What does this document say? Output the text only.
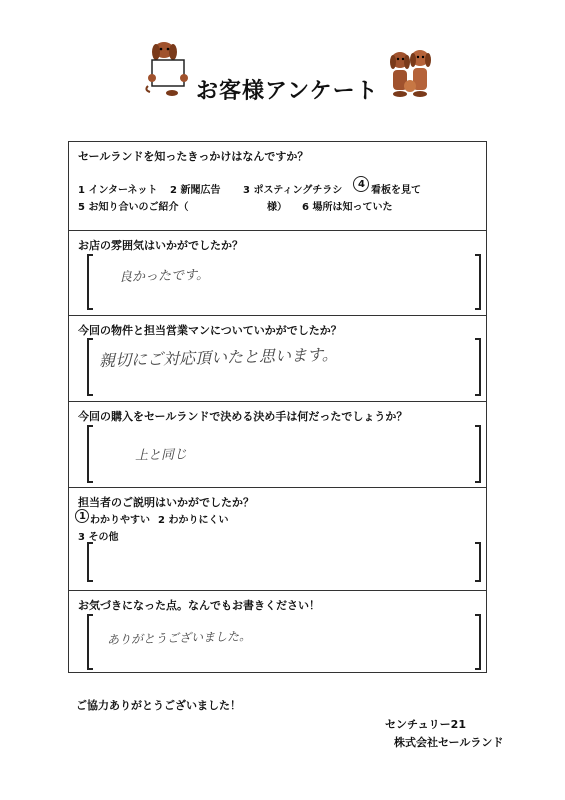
お客様アンケート
セールランドを知ったきっかけはなんですか？
1 インターネット 2 新聞広告 3 ポスティングチラシ
4
看板を見て
5 お知り合いのご紹介（	様） 6 場所は知っていた
お店の雰囲気はいかがでしたか？
良かったです。
今回の物件と担当営業マンについていかがでしたか？
親切にご対応頂いたと思います。
今回の購入をセールランドで決める決め手は何だったでしょうか？
上と同じ
担当者のご説明はいかがでしたか？
1 わかりやすい 2 わかりにくい
3 その他
お気づきになった点。なんでもお書きください！
ありがとうございました。
ご協力ありがとうございました！
センチュリー21
株式会社セールランド
